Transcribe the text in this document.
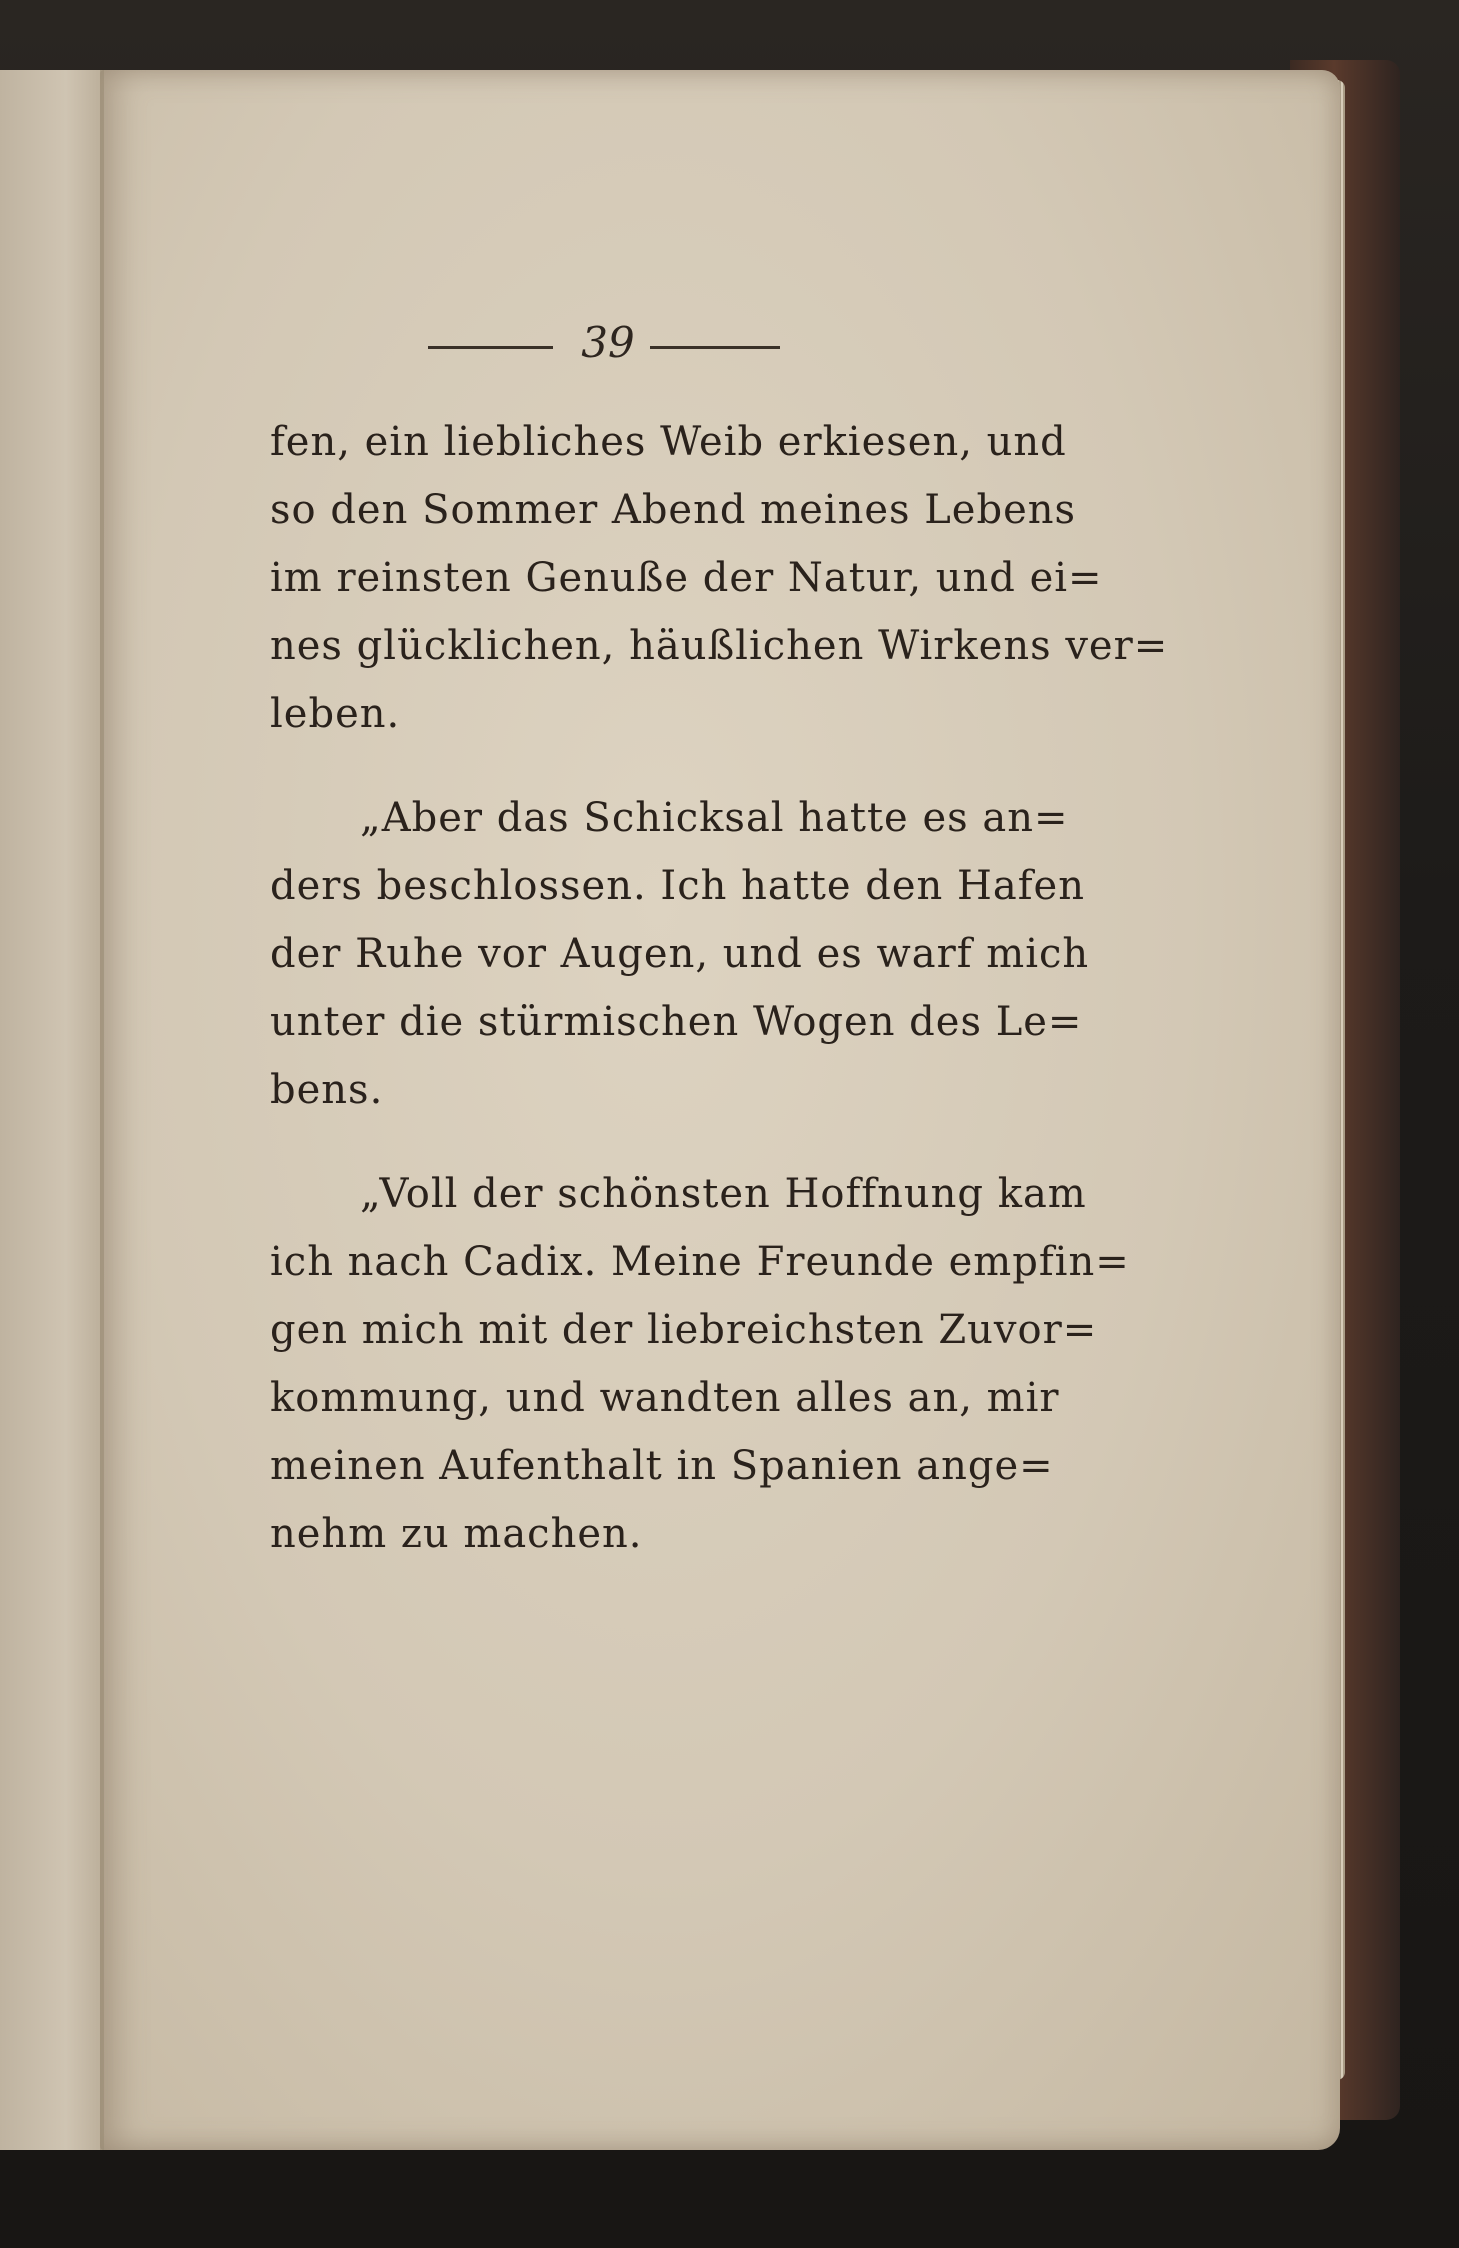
39
fen, ein liebliches Weib erkiesen, und
so den Sommer Abend meines Lebens
im reinsten Genuße der Natur, und ei=
nes glücklichen, häußlichen Wirkens ver=
leben.
„Aber das Schicksal hatte es an=
ders beschlossen. Ich hatte den Hafen
der Ruhe vor Augen, und es warf mich
unter die stürmischen Wogen des Le=
bens.
„Voll der schönsten Hoffnung kam
ich nach Cadix. Meine Freunde empfin=
gen mich mit der liebreichsten Zuvor=
kommung, und wandten alles an, mir
meinen Aufenthalt in Spanien ange=
nehm zu machen.
